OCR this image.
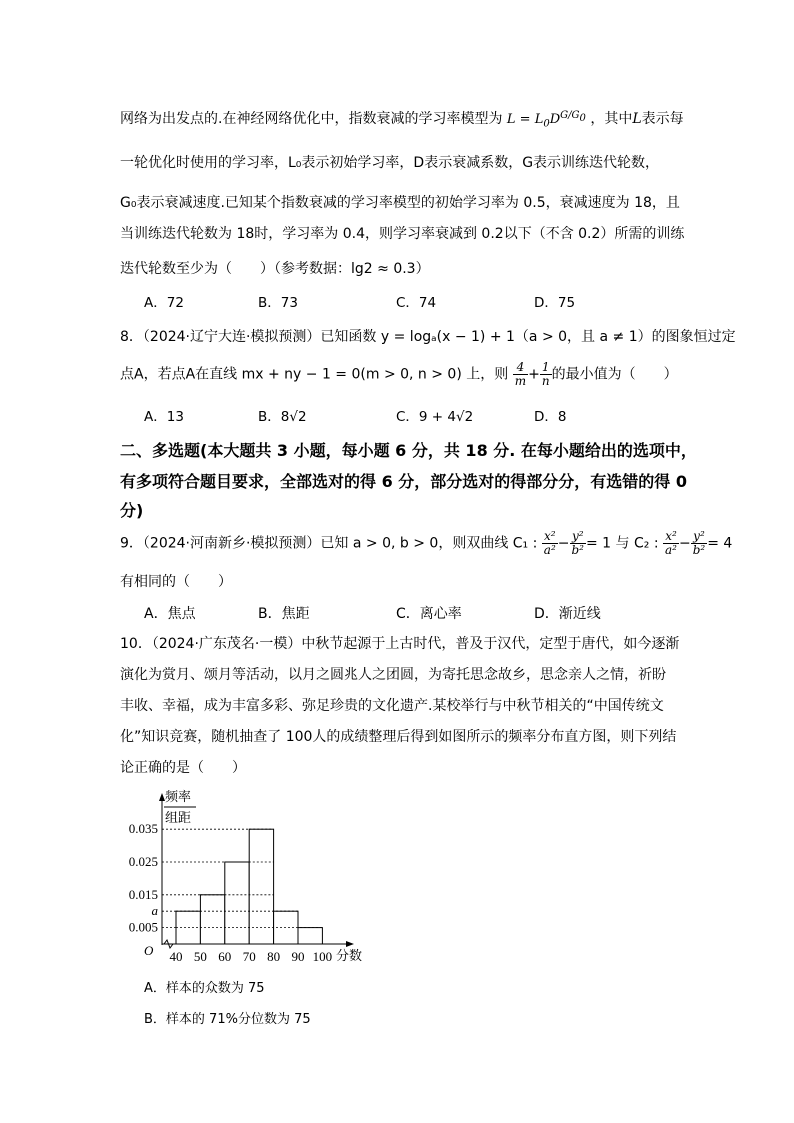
网络为出发点的.在神经网络优化中，指数衰减的学习率模型为 $L = L_0D^{G/G_0}$ ，其中L表示每
一轮优化时使用的学习率，L₀表示初始学习率，D表示衰减系数，G表示训练迭代轮数，
G₀表示衰减速度.已知某个指数衰减的学习率模型的初始学习率为 0.5，衰减速度为 18，且
当训练迭代轮数为 18时，学习率为 0.4，则学习率衰减到 0.2以下（不含 0.2）所需的训练
迭代轮数至少为（　　）（参考数据：lg2 ≈ 0.3）
A．72	B．73	C．74	D．75
8．（2024·辽宁大连·模拟预测）已知函数 y = logₐ(x − 1) + 1（a > 0，且 a ≠ 1）的图象恒过定
点A，若点A在直线 mx + ny − 1 = 0(m > 0, n > 0) 上，则 $\frac{4}{m} + \frac{1}{n}$ 的最小值为（　　）
A．13	B．8√2	C．9 + 4√2	D．8
二、多选题(本大题共 3 小题，每小题 6 分，共 18 分. 在每小题给出的选项中，
有多项符合题目要求，全部选对的得 6 分，部分选对的得部分分，有选错的得 0
分)
9．（2024·河南新乡·模拟预测）已知 a > 0, b > 0，则双曲线 C₁ : $\frac{\text{x²}}{\text{a²}} - \frac{\text{y²}}{\text{b²}} = 1$ 与 C₂ : $\frac{\text{x²}}{\text{a²}} - \frac{\text{y²}}{\text{b²}} = 4$
有相同的（　　）
A．焦点	B．焦距	C．离心率	D．渐近线
10．（2024·广东茂名·一模）中秋节起源于上古时代，普及于汉代，定型于唐代，如今逐渐
演化为赏月、颂月等活动，以月之圆兆人之团圆，为寄托思念故乡，思念亲人之情，祈盼
丰收、幸福，成为丰富多彩、弥足珍贵的文化遗产.某校举行与中秋节相关的“中国传统文
化”知识竞赛，随机抽查了 100人的成绩整理后得到如图所示的频率分布直方图，则下列结
论正确的是（　　）
频率
组距
分数
O
0.035
0.025
0.015
a
0.005
40 50 60 70 80 90 100
A．样本的众数为 75
B．样本的 71%分位数为 75
